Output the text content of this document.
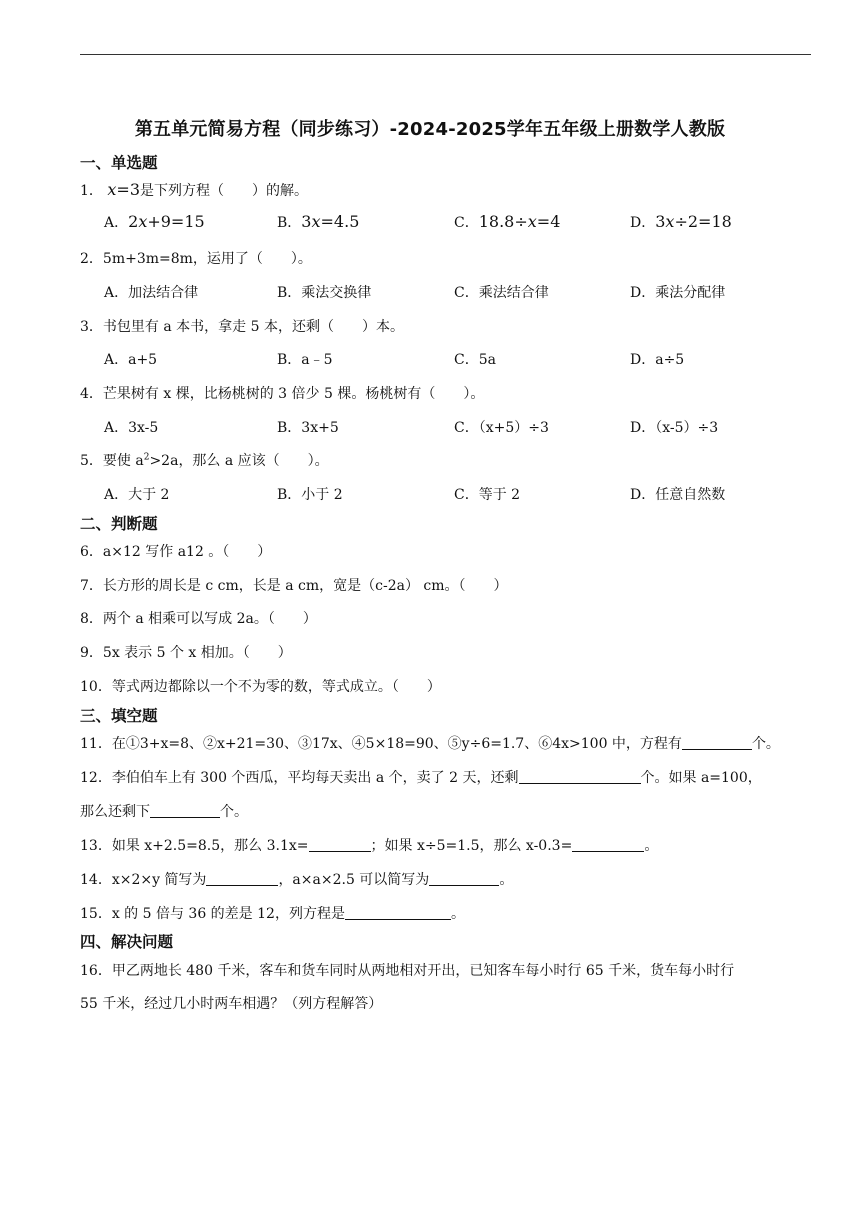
第五单元简易方程（同步练习）-2024-2025学年五年级上册数学人教版
一、单选题
1． x=3是下列方程（　　）的解。
A．2x+9=15	B．3x=4.5	C．18.8÷x=4	D．3x÷2=18
2．5m+3m=8m，运用了（　　）。
A．加法结合律	B．乘法交换律	C．乘法结合律	D．乘法分配律
3．书包里有 a 本书，拿走 5 本，还剩（　　）本。
A．a+5	B．a﹣5	C．5a	D．a÷5
4．芒果树有 x 棵，比杨桃树的 3 倍少 5 棵。杨桃树有（　　）。
A．3x-5	B．3x+5	C．（x+5）÷3	D．（x-5）÷3
5．要使 $a^2>2a$，那么 a 应该（　　）。
A．大于 2	B．小于 2	C．等于 2	D．任意自然数
二、判断题
6．a×12 写作 a12 。（　　）
7．长方形的周长是 c cm，长是 a cm，宽是（c-2a） cm。（　　）
8．两个 a 相乘可以写成 2a。（　　）
9．5x 表示 5 个 x 相加。（　　）
10．等式两边都除以一个不为零的数，等式成立。（　　）
三、填空题
11．在①3+x=8、②x+21=30、③17x、④5×18=90、⑤y÷6=1.7、⑥4x>100 中，方程有	个。
12．李伯伯车上有 300 个西瓜，平均每天卖出 a 个，卖了 2 天，还剩	个。如果 a=100，
那么还剩下	个。
13．如果 x+2.5=8.5，那么 3.1x=	；如果 x÷5=1.5，那么 x-0.3=	。
14．x×2×y 简写为	，a×a×2.5 可以简写为	。
15．x 的 5 倍与 36 的差是 12，列方程是	。
四、解决问题
16．甲乙两地长 480 千米，客车和货车同时从两地相对开出，已知客车每小时行 65 千米，货车每小时行
55 千米，经过几小时两车相遇？（列方程解答）
